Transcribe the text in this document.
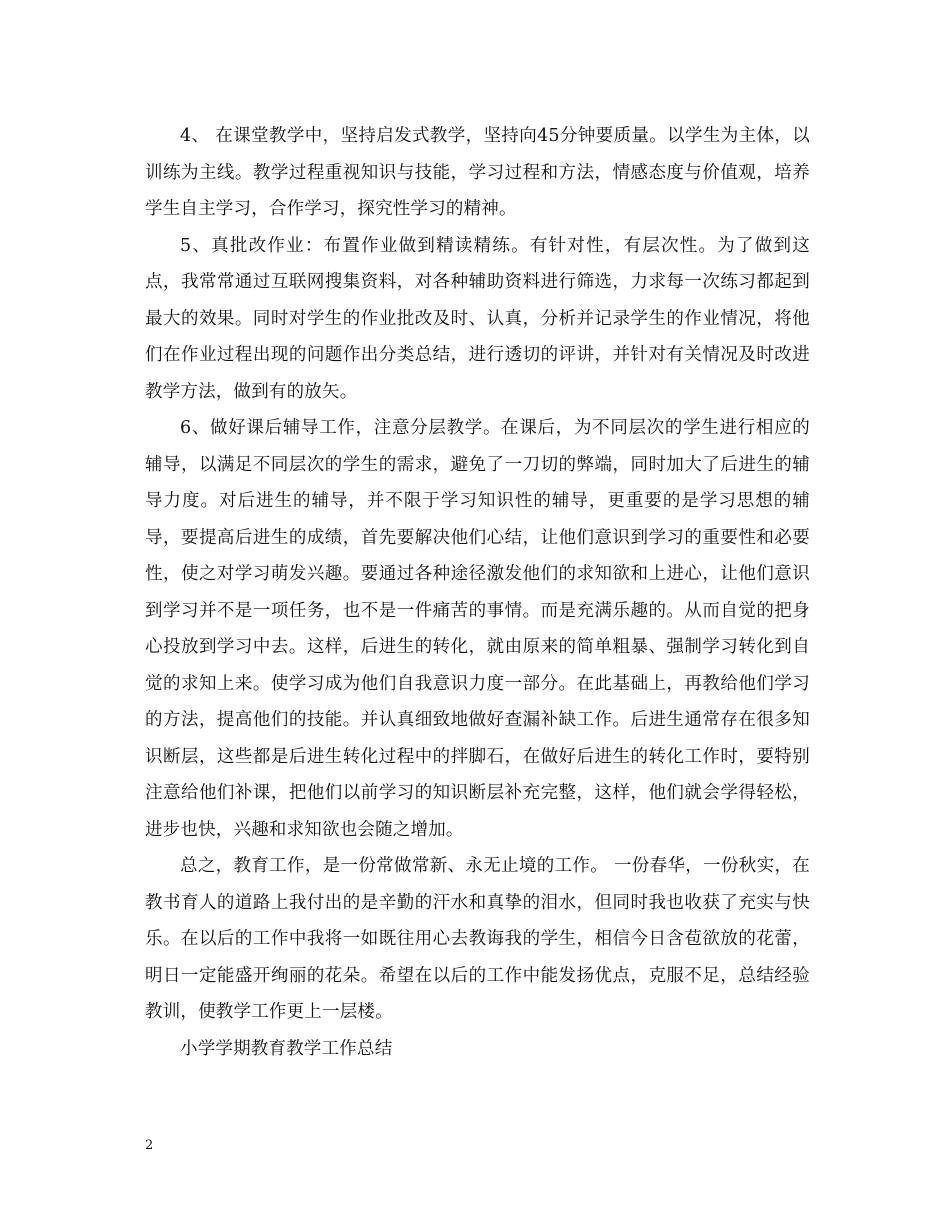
4、 在课堂教学中，坚持启发式教学，坚持向45分钟要质量。以学生为主体，以训练为主线。教学过程重视知识与技能，学习过程和方法，情感态度与价值观，培养学生自主学习，合作学习，探究性学习的精神。

5、真批改作业：布置作业做到精读精练。有针对性，有层次性。为了做到这点，我常常通过互联网搜集资料，对各种辅助资料进行筛选，力求每一次练习都起到最大的效果。同时对学生的作业批改及时、认真，分析并记录学生的作业情况，将他们在作业过程出现的问题作出分类总结，进行透切的评讲，并针对有关情况及时改进教学方法，做到有的放矢。

6、做好课后辅导工作，注意分层教学。在课后，为不同层次的学生进行相应的辅导，以满足不同层次的学生的需求，避免了一刀切的弊端，同时加大了后进生的辅导力度。对后进生的辅导，并不限于学习知识性的辅导，更重要的是学习思想的辅导，要提高后进生的成绩，首先要解决他们心结，让他们意识到学习的重要性和必要性，使之对学习萌发兴趣。要通过各种途径激发他们的求知欲和上进心，让他们意识到学习并不是一项任务，也不是一件痛苦的事情。而是充满乐趣的。从而自觉的把身心投放到学习中去。这样，后进生的转化，就由原来的简单粗暴、强制学习转化到自觉的求知上来。使学习成为他们自我意识力度一部分。在此基础上，再教给他们学习的方法，提高他们的技能。并认真细致地做好查漏补缺工作。后进生通常存在很多知识断层，这些都是后进生转化过程中的拌脚石，在做好后进生的转化工作时，要特别注意给他们补课，把他们以前学习的知识断层补充完整，这样，他们就会学得轻松，进步也快，兴趣和求知欲也会随之增加。

总之，教育工作，是一份常做常新、永无止境的工作。 一份春华，一份秋实，在教书育人的道路上我付出的是辛勤的汗水和真挚的泪水，但同时我也收获了充实与快乐。在以后的工作中我将一如既往用心去教诲我的学生，相信今日含苞欲放的花蕾，明日一定能盛开绚丽的花朵。希望在以后的工作中能发扬优点，克服不足，总结经验教训，使教学工作更上一层楼。

小学学期教育教学工作总结

2
